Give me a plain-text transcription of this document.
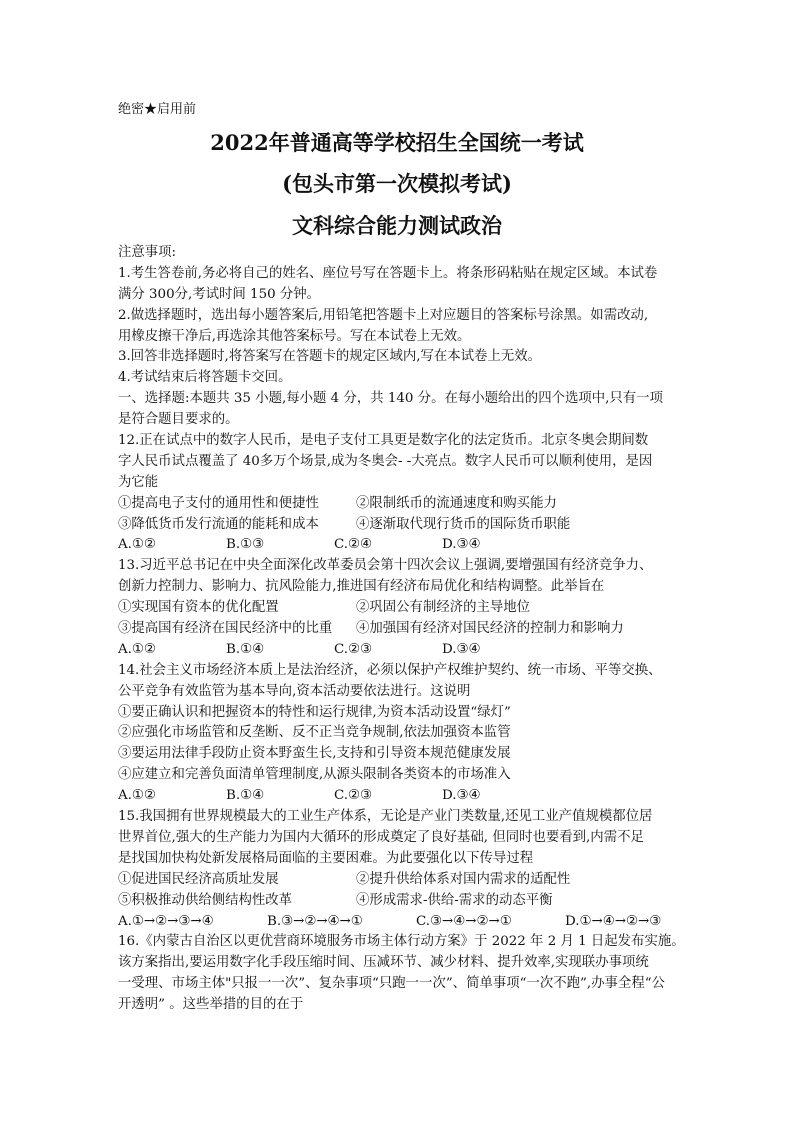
绝密★启用前
2022年普通高等学校招生全国统一考试
(包头市第一次模拟考试)
文科综合能力测试政治
注意事项:
1.考生答卷前,务必将自己的姓名、座位号写在答题卡上。将条形码粘贴在规定区域。本试卷
满分 300分,考试时间 150 分钟。
2.做选择题时，选出每小题答案后,用铅笔把答题卡上对应题目的答案标号涂黑。如需改动,
用橡皮擦干净后,再选涂其他答案标号。写在本试卷上无效。
3.回答非选择题时,将答案写在答题卡的规定区域内,写在本试卷上无效。
4.考试结束后将答题卡交回。
一、选择题:本题共 35 小题,每小题 4 分，共 140 分。在每小题给出的四个选项中,只有一项
是符合题目要求的。
12.正在试点中的数字人民币，是电子支付工具更是数字化的法定货币。北京冬奥会期间数
字人民币试点覆盖了 40多万个场景,成为冬奥会- -大亮点。数字人民币可以顺利使用，是因
为它能
①提高电子支付的通用性和便捷性	②限制纸币的流通速度和购买能力
③降低货币发行流通的能耗和成本	④逐渐取代现行货币的国际货币职能
A.①②	B.①③	C.②④	D.③④
13.习近平总书记在中央全面深化改革委员会第十四次会议上强调,要增强国有经济竞争力、
创新力控制力、影响力、抗风险能力,推进国有经济布局优化和结构调整。此举旨在
①实现国有资本的优化配置	②巩固公有制经济的主导地位
③提高国有经济在国民经济中的比重	④加强国有经济对国民经济的控制力和影响力
A.①②	B.①④	C.②③	D.③④
14.社会主义市场经济本质上是法治经济，必须以保护产权维护契约、统一市场、平等交换、
公平竞争有效监管为基本导向,资本活动要依法进行。这说明
①要正确认识和把握资本的特性和运行规律,为资本活动设置“绿灯”
②应强化市场监管和反垄断、反不正当竞争规制,依法加强资本监管
③要运用法律手段防止资本野蛮生长,支持和引导资本规范健康发展
④应建立和完善负面清单管理制度,从源头限制各类资本的市场准入
A.①②	B.①④	C.②③	D.③④
15.我国拥有世界规模最大的工业生产体系，无论是产业门类数量,还见工业产值规模都位居
世界首位,强大的生产能力为国内大循环的形成奠定了良好基础, 但同时也要看到,内需不足
是找国加快构处新发展格局面临的主要困难。为此要强化以下传导过程
①促进国民经济高质址发展	②提升供给体系对国内需求的适配性
⑤积极推动供给侧结构性改革	④形成需求-供给-需求的动态平衡
A.①→②→③→④	B.③→②→④→①	C.③→④→②→①	D.①→④→②→③
16.《内蒙古自治区以更优营商环境服务市场主体行动方案》于 2022 年 2 月 1 日起发布实施。
该方案指出,要运用数字化手段压缩时间、压减环节、减少材料、提升效率,实现联办事项统
一受理、市场主体"只报一一次”、复杂事项“只跑一一次”、简单事项“一次不跑”,办事全程“公
开透明” 。这些举措的目的在于
